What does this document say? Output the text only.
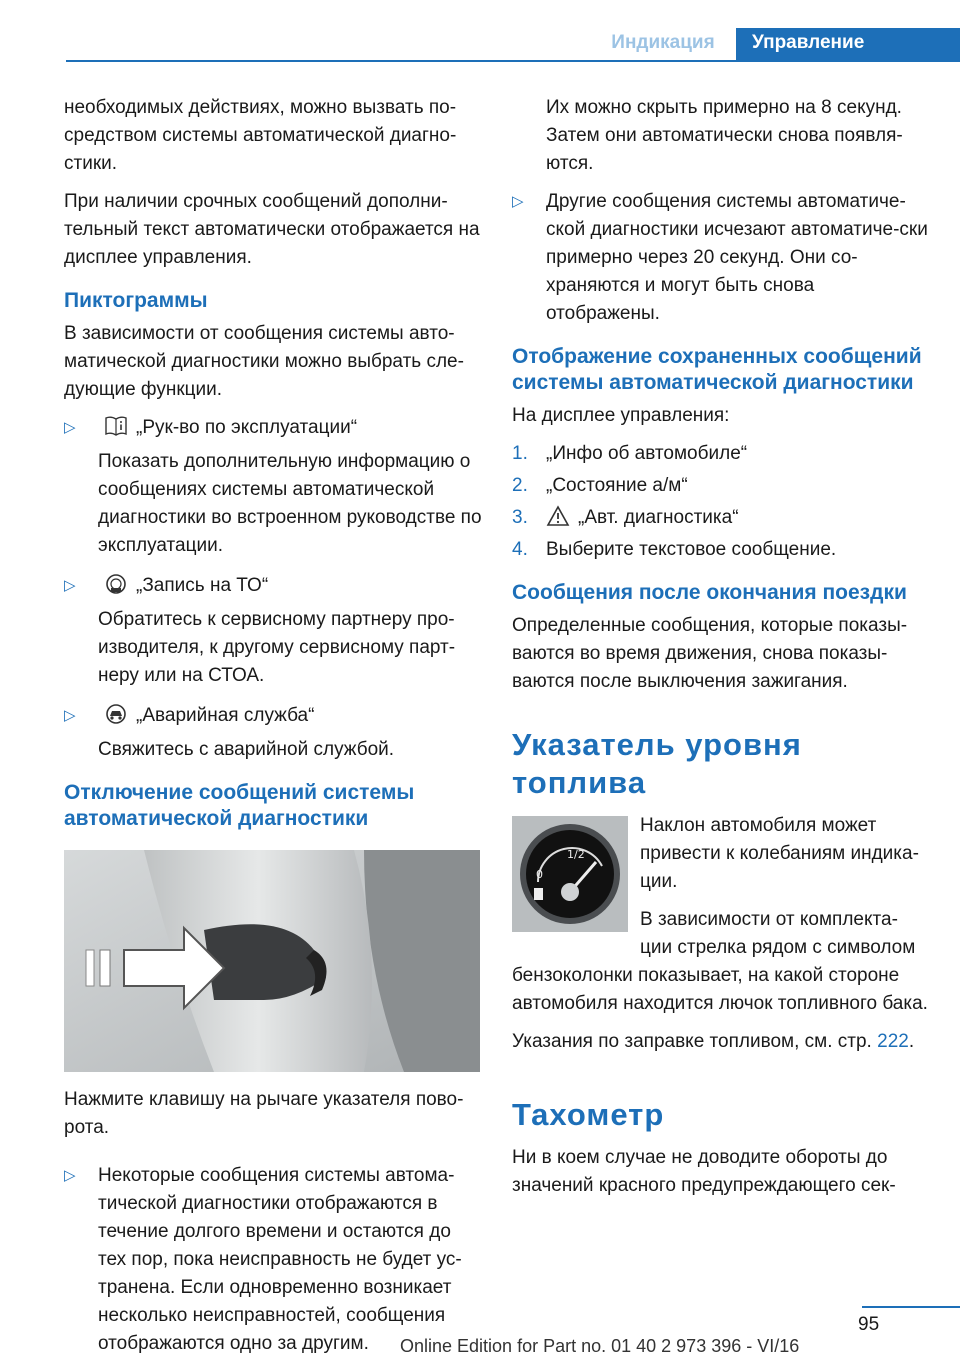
Индикация	Управление

необходимых действиях, можно вызвать по-средством системы автоматической диагно-стики.

При наличии срочных сообщений дополни-тельный текст автоматически отображается на дисплее управления.

Пиктограммы

В зависимости от сообщения системы авто-матической диагностики можно выбрать сле-дующие функции.

▷	„Рук-во по эксплуатации“
Показать дополнительную информацию о сообщениях системы автоматической диагностики во встроенном руководстве по эксплуатации.
▷	„Запись на ТО“
Обратитесь к сервисному партнеру про-изводителя, к другому сервисному парт-неру или на СТОА.
▷	„Аварийная служба“
Свяжитесь с аварийной службой.
Отключение сообщений системы автоматической диагностики

Нажмите клавишу на рычаге указателя пово-рота.

▷ Некоторые сообщения системы автома-тической диагностики отображаются в течение долгого времени и остаются до тех пор, пока неисправность не будет ус-транена. Если одновременно возникает несколько неисправностей, сообщения отображаются одно за другим.
Их можно скрыть примерно на 8 секунд. Затем они автоматически снова появля-ются.
▷ Другие сообщения системы автоматиче-ской диагностики исчезают автоматиче-ски примерно через 20 секунд. Они со-храняются и могут быть снова отображены.
Отображение сохраненных сообщений системы автоматической диагностики

На дисплее управления:

1. „Инфо об автомобиле“
2. „Состояние а/м“
3.	„Авт. диагностика“
4. Выберите текстовое сообщение.
Сообщения после окончания поездки

Определенные сообщения, которые показы-ваются во время движения, снова показы-ваются после выключения зажигания.

Указатель уровня топлива
1/2
0

Наклон автомобиля может привести к колебаниям индика-ции.

В зависимости от комплекта-ции стрелка рядом с символом бензоколонки показывает, на какой стороне автомобиля находится лючок топливного бака.

Указания по заправке топливом, см. стр. 222.

Тахометр

Ни в коем случае не доводите обороты до значений красного предупреждающего сек-

95
Online Edition for Part no. 01 40 2 973 396 - VI/16
